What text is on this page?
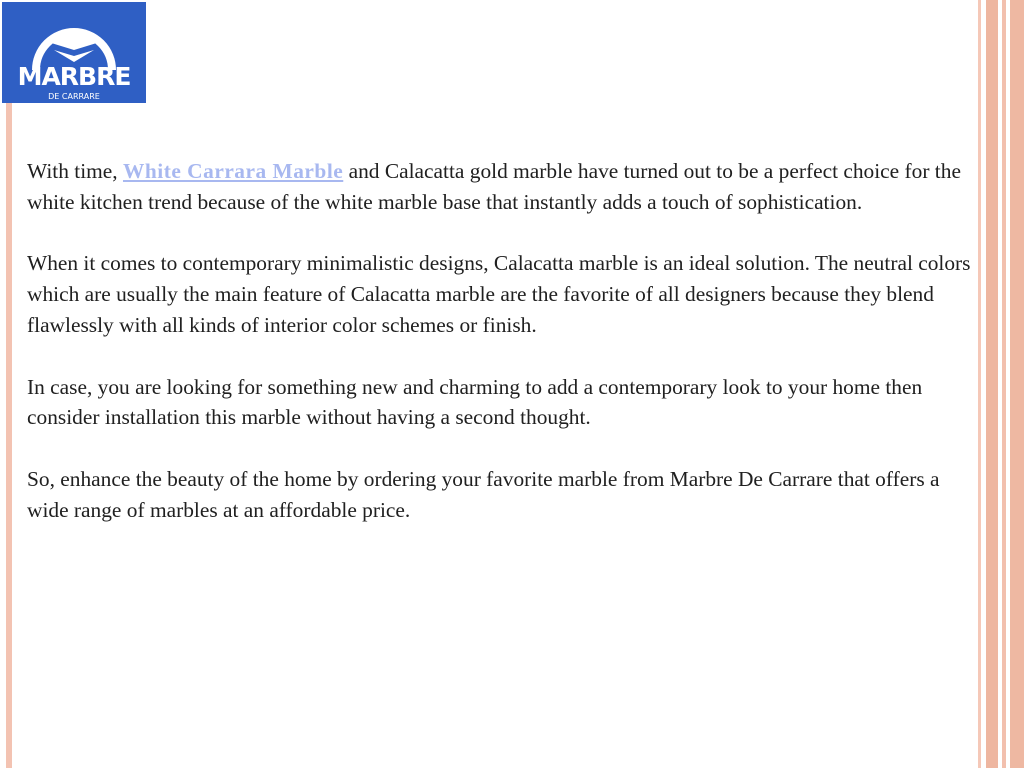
MARBRE
DE CARRARE

With time, White Carrara Marble and Calacatta gold marble have turned out to be a perfect choice for the white kitchen trend because of the white marble base that instantly adds a touch of sophistication.

When it comes to contemporary minimalistic designs, Calacatta marble is an ideal solution. The neutral colors which are usually the main feature of Calacatta marble are the favorite of all designers because they blend flawlessly with all kinds of interior color schemes or finish.

In case, you are looking for something new and charming to add a contemporary look to your home then consider installation this marble without having a second thought.

So, enhance the beauty of the home by ordering your favorite marble from Marbre De Carrare that offers a wide range of marbles at an affordable price.
